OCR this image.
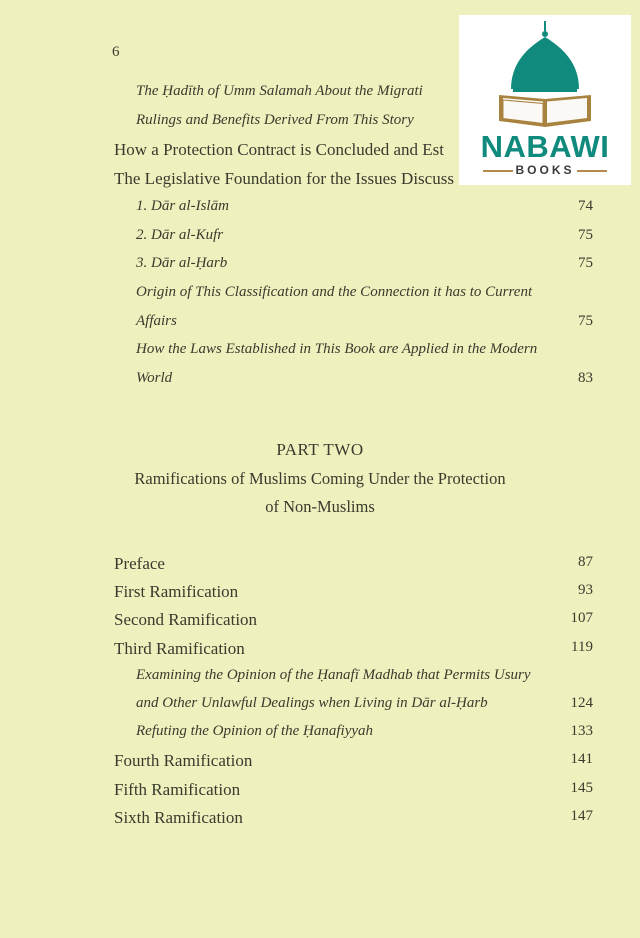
6
The Ḥadīth of Umm Salamah About the Migrati
Rulings and Benefits Derived From This Story
How a Protection Contract is Concluded and Est
The Legislative Foundation for the Issues Discuss
1. Dār al-Islām	74
2. Dār al-Kufr	75
3. Dār al-Ḥarb	75
Origin of This Classification and the Connection it has to Current
Affairs	75
How the Laws Established in This Book are Applied in the Modern
World	83
PART TWO
Ramifications of Muslims Coming Under the Protection
of Non-Muslims
Preface	87
First Ramification	93
Second Ramification	107
Third Ramification	119
Examining the Opinion of the Ḥanafī Madhab that Permits Usury
and Other Unlawful Dealings when Living in Dār al-Ḥarb	124
Refuting the Opinion of the Ḥanafiyyah	133
Fourth Ramification	141
Fifth Ramification	145
Sixth Ramification	147
NABAWI
BOOKS
